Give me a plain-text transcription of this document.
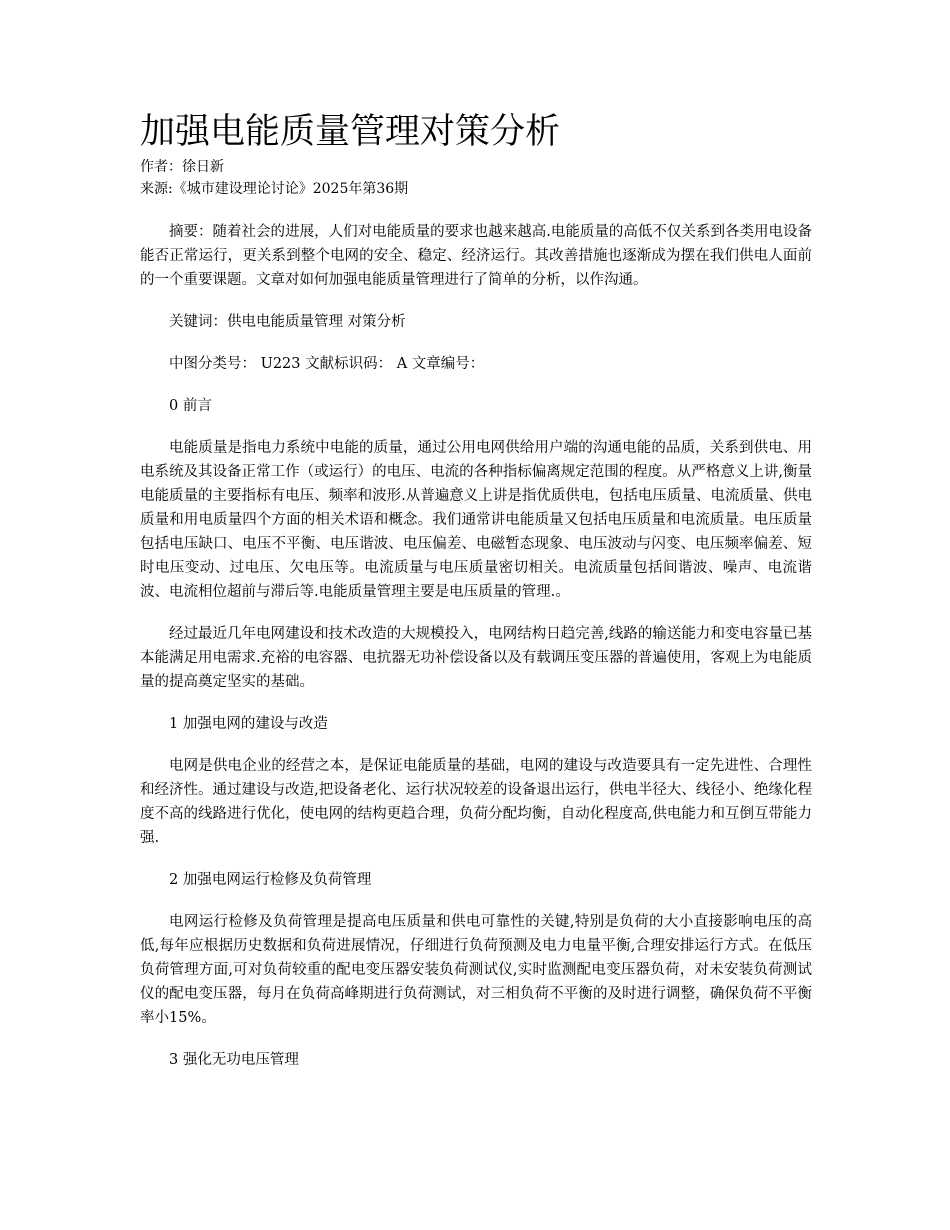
加强电能质量管理对策分析

作者：徐日新

来源:《城市建设理论讨论》2025年第36期

摘要：随着社会的进展，人们对电能质量的要求也越来越高.电能质量的高低不仅关系到各类用电设备能否正常运行，更关系到整个电网的安全、稳定、经济运行。其改善措施也逐渐成为摆在我们供电人面前的一个重要课题。文章对如何加强电能质量管理进行了简单的分析，以作沟通。

关键词：供电电能质量管理 对策分析

中图分类号： U223 文献标识码： A 文章编号：

0 前言

电能质量是指电力系统中电能的质量，通过公用电网供给用户端的沟通电能的品质，关系到供电、用电系统及其设备正常工作（或运行）的电压、电流的各种指标偏离规定范围的程度。从严格意义上讲,衡量电能质量的主要指标有电压、频率和波形.从普遍意义上讲是指优质供电，包括电压质量、电流质量、供电质量和用电质量四个方面的相关术语和概念。我们通常讲电能质量又包括电压质量和电流质量。电压质量包括电压缺口、电压不平衡、电压谐波、电压偏差、电磁暂态现象、电压波动与闪变、电压频率偏差、短时电压变动、过电压、欠电压等。电流质量与电压质量密切相关。电流质量包括间谐波、噪声、电流谐波、电流相位超前与滞后等.电能质量管理主要是电压质量的管理.。

经过最近几年电网建设和技术改造的大规模投入，电网结构日趋完善,线路的输送能力和变电容量已基本能满足用电需求.充裕的电容器、电抗器无功补偿设备以及有载调压变压器的普遍使用，客观上为电能质量的提高奠定坚实的基础。

1 加强电网的建设与改造

电网是供电企业的经营之本，是保证电能质量的基础，电网的建设与改造要具有一定先进性、合理性和经济性。通过建设与改造,把设备老化、运行状况较差的设备退出运行，供电半径大、线径小、绝缘化程度不高的线路进行优化，使电网的结构更趋合理，负荷分配均衡，自动化程度高,供电能力和互倒互带能力强.

2 加强电网运行检修及负荷管理

电网运行检修及负荷管理是提高电压质量和供电可靠性的关键,特别是负荷的大小直接影响电压的高低,每年应根据历史数据和负荷进展情况，仔细进行负荷预测及电力电量平衡,合理安排运行方式。在低压负荷管理方面,可对负荷较重的配电变压器安装负荷测试仪,实时监测配电变压器负荷，对未安装负荷测试仪的配电变压器，每月在负荷高峰期进行负荷测试，对三相负荷不平衡的及时进行调整，确保负荷不平衡率小15%。

3 强化无功电压管理
